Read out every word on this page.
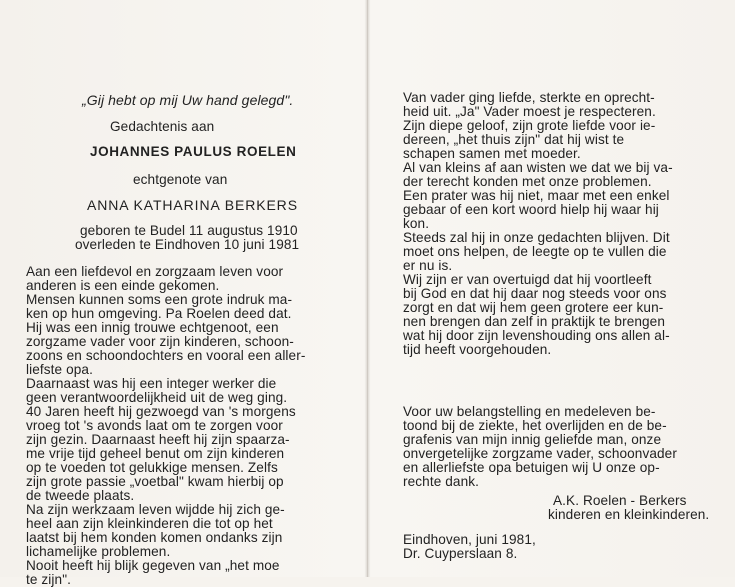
„Gij hebt op mij Uw hand gelegd".
Gedachtenis aan
JOHANNES PAULUS ROELEN
echtgenote van
ANNA KATHARINA BERKERS
geboren te Budel 11 augustus 1910
overleden te Eindhoven 10 juni 1981
Aan een liefdevol en zorgzaam leven voor
anderen is een einde gekomen.
Mensen kunnen soms een grote indruk ma-
ken op hun omgeving. Pa Roelen deed dat.
Hij was een innig trouwe echtgenoot, een
zorgzame vader voor zijn kinderen, schoon-
zoons en schoondochters en vooral een aller-
liefste opa.
Daarnaast was hij een integer werker die
geen verantwoordelijkheid uit de weg ging.
40 Jaren heeft hij gezwoegd van 's morgens
vroeg tot 's avonds laat om te zorgen voor
zijn gezin. Daarnaast heeft hij zijn spaarza-
me vrije tijd geheel benut om zijn kinderen
op te voeden tot gelukkige mensen. Zelfs
zijn grote passie „voetbal" kwam hierbij op
de tweede plaats.
Na zijn werkzaam leven wijdde hij zich ge-
heel aan zijn kleinkinderen die tot op het
laatst bij hem konden komen ondanks zijn
lichamelijke problemen.
Nooit heeft hij blijk gegeven van „het moe
te zijn".
Van vader ging liefde, sterkte en oprecht-
heid uit. „Ja" Vader moest je respecteren.
Zijn diepe geloof, zijn grote liefde voor ie-
dereen, „het thuis zijn" dat hij wist te
schapen samen met moeder.
Al van kleins af aan wisten we dat we bij va-
der terecht konden met onze problemen.
Een prater was hij niet, maar met een enkel
gebaar of een kort woord hielp hij waar hij
kon.
Steeds zal hij in onze gedachten blijven. Dit
moet ons helpen, de leegte op te vullen die
er nu is.
Wij zijn er van overtuigd dat hij voortleeft
bij God en dat hij daar nog steeds voor ons
zorgt en dat wij hem geen grotere eer kun-
nen brengen dan zelf in praktijk te brengen
wat hij door zijn levenshouding ons allen al-
tijd heeft voorgehouden.
Voor uw belangstelling en medeleven be-
toond bij de ziekte, het overlijden en de be-
grafenis van mijn innig geliefde man, onze
onvergetelijke zorgzame vader, schoonvader
en allerliefste opa betuigen wij U onze op-
rechte dank.
A.K. Roelen - Berkers
kinderen en kleinkinderen.
Eindhoven, juni 1981,
Dr. Cuyperslaan 8.
